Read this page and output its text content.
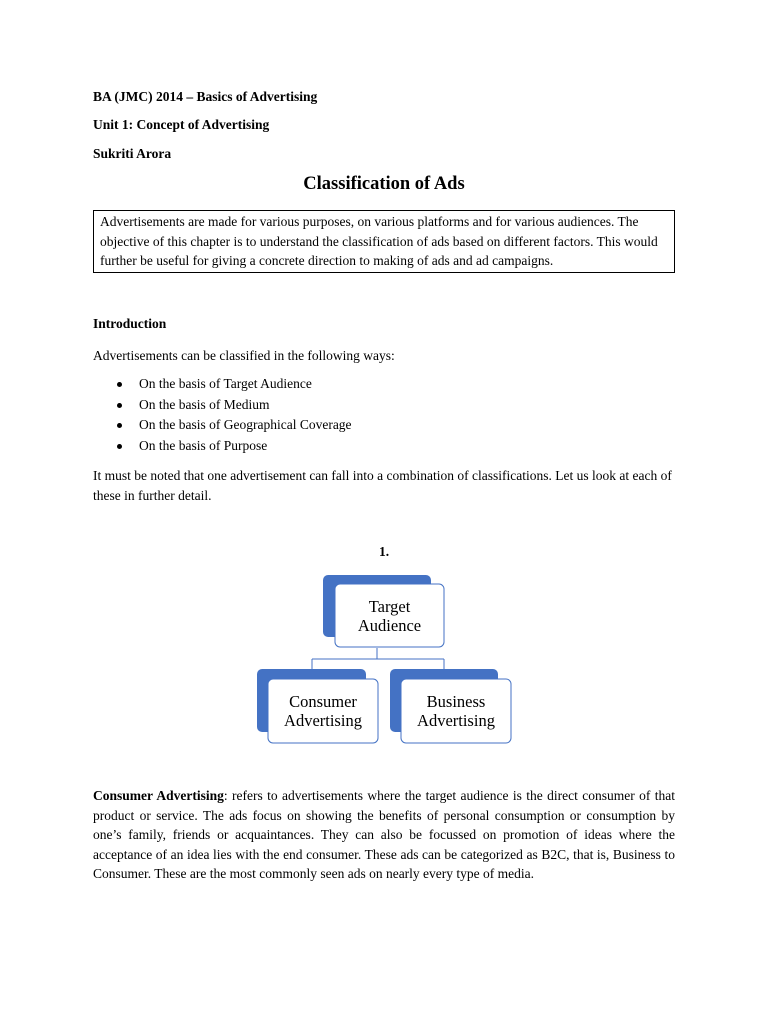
BA (JMC) 2014 – Basics of Advertising

Unit 1: Concept of Advertising

Sukriti Arora

Classification of Ads

Advertisements are made for various purposes, on various platforms and for various audiences. The objective of this chapter is to understand the classification of ads based on different factors. This would further be useful for giving a concrete direction to making of ads and ad campaigns.

Introduction

Advertisements can be classified in the following ways:

On the basis of Target Audience
On the basis of Medium
On the basis of Geographical Coverage
On the basis of Purpose

It must be noted that one advertisement can fall into a combination of classifications. Let us look at each of these in further detail.

1.

Target
Audience
Consumer
Advertising
Business
Advertising

Consumer Advertising: refers to advertisements where the target audience is the direct consumer of that product or service. The ads focus on showing the benefits of personal consumption or consumption by one’s family, friends or acquaintances. They can also be focussed on promotion of ideas where the acceptance of an idea lies with the end consumer. These ads can be categorized as B2C, that is, Business to Consumer. These are the most commonly seen ads on nearly every type of media.
